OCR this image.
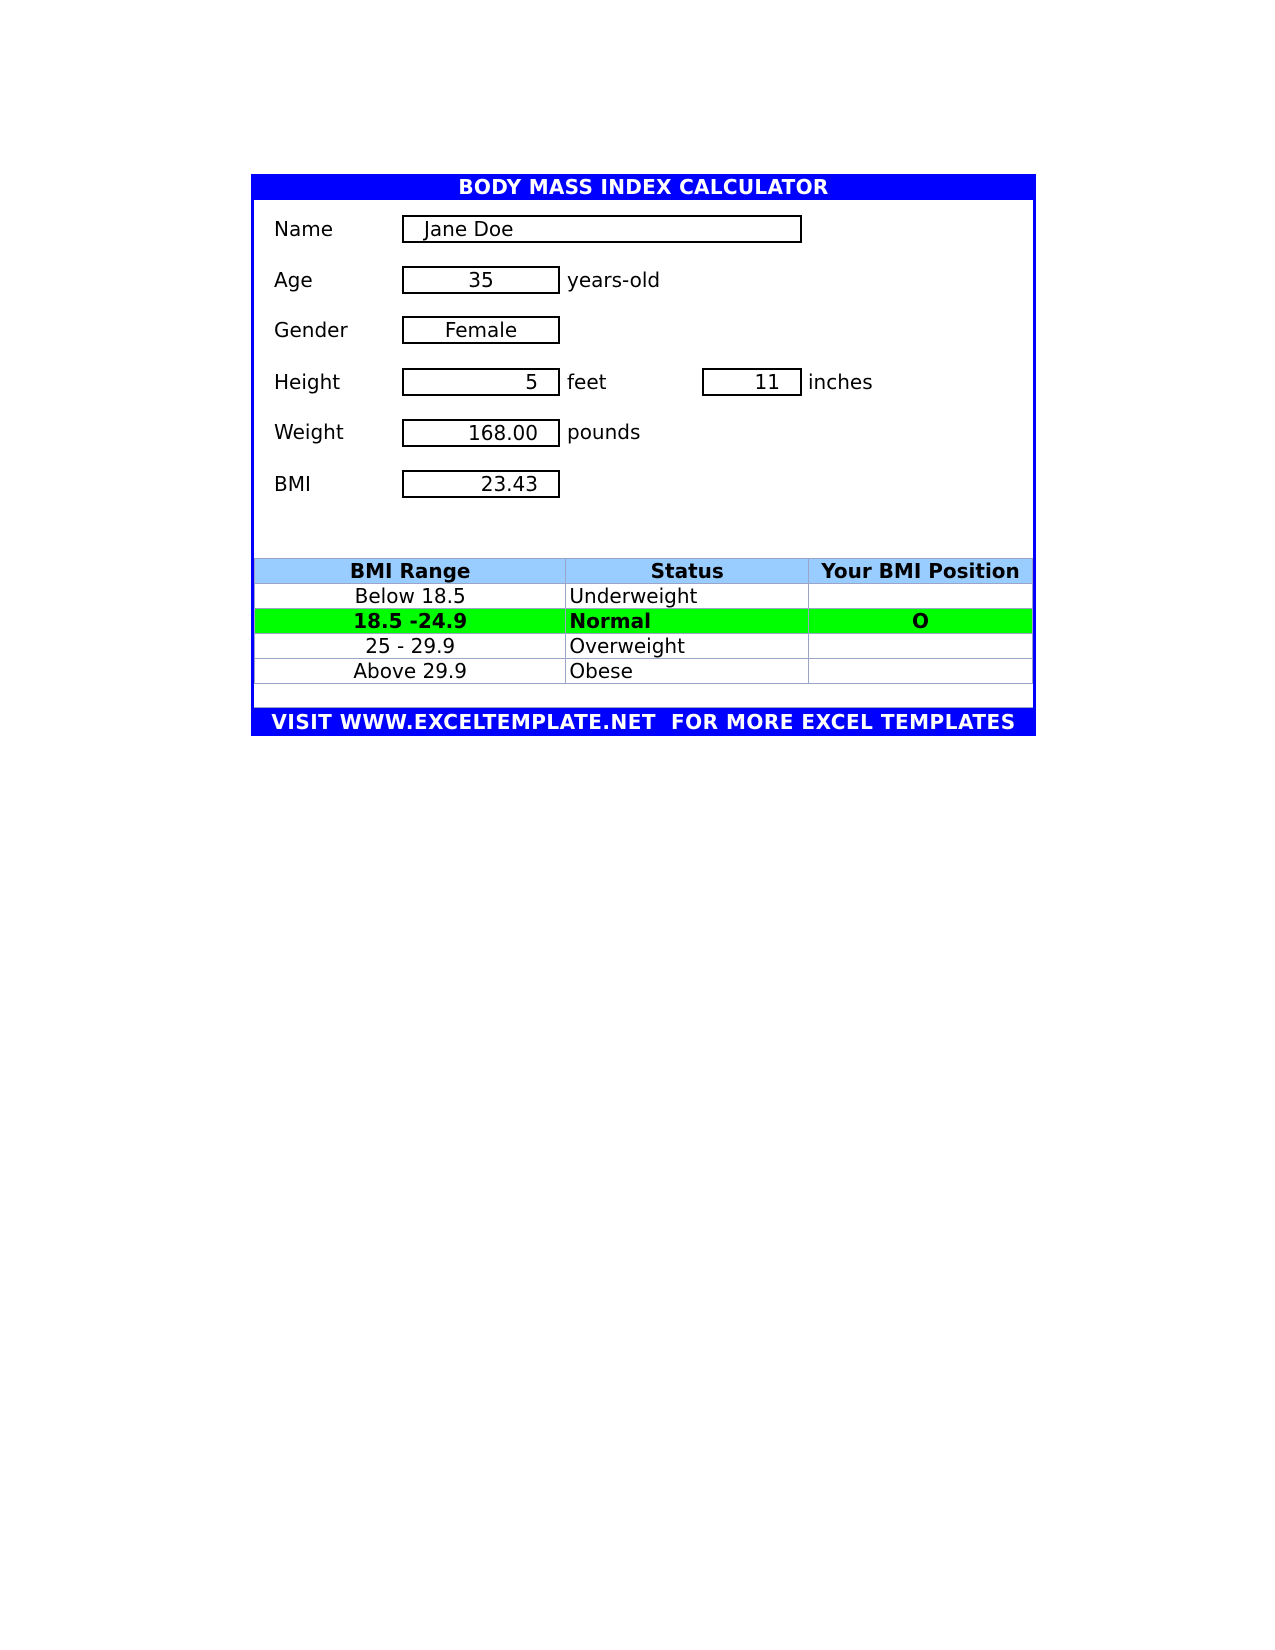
BODY MASS INDEX CALCULATOR
Name	Jane Doe
Age	35	years-old
Gender	Female
Height	5	feet	11	inches
Weight	168.00	pounds
BMI	23.43
BMI Range	Status	Your BMI Position
Below 18.5	Underweight	
18.5 -24.9	Normal	O
25 - 29.9	Overweight	
Above 29.9	Obese	
VISIT WWW.EXCELTEMPLATE.NET  FOR MORE EXCEL TEMPLATES
